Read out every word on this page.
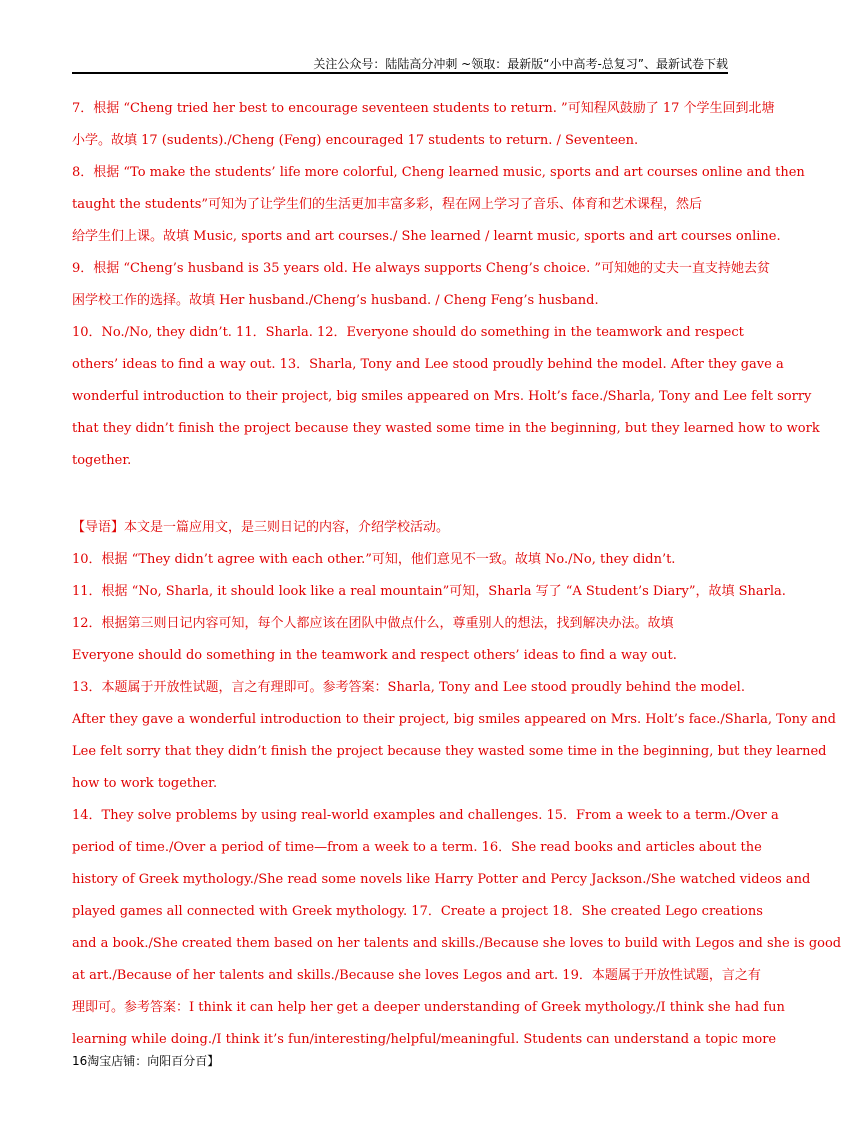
关注公众号：陆陆高分冲刺 ~领取：最新版“小中高考-总复习”、最新试卷下载
7．根据 “Cheng tried her best to encourage seventeen students to return. ”可知程风鼓励了 17 个学生回到北塘
小学。故填 17 (sudents)./Cheng (Feng) encouraged 17 students to return. / Seventeen.
8．根据 “To make the students’ life more colorful, Cheng learned music, sports and art courses online and then
taught the students”可知为了让学生们的生活更加丰富多彩，程在网上学习了音乐、体育和艺术课程，然后
给学生们上课。故填 Music, sports and art courses./ She learned / learnt music, sports and art courses online.
9．根据 “Cheng’s husband is 35 years old. He always supports Cheng’s choice. ”可知她的丈夫一直支持她去贫
困学校工作的选择。故填 Her husband./Cheng’s husband. / Cheng Feng’s husband.
10．No./No, they didn’t. 11．Sharla. 12．Everyone should do something in the teamwork and respect
others’ ideas to find a way out. 13．Sharla, Tony and Lee stood proudly behind the model. After they gave a
wonderful introduction to their project, big smiles appeared on Mrs. Holt’s face./Sharla, Tony and Lee felt sorry
that they didn’t finish the project because they wasted some time in the beginning, but they learned how to work
together.
【导语】本文是一篇应用文，是三则日记的内容，介绍学校活动。
10．根据 “They didn’t agree with each other.”可知，他们意见不一致。故填 No./No, they didn’t.
11．根据 “No, Sharla, it should look like a real mountain”可知，Sharla 写了 “A Student’s Diary”，故填 Sharla.
12．根据第三则日记内容可知，每个人都应该在团队中做点什么，尊重别人的想法，找到解决办法。故填
Everyone should do something in the teamwork and respect others’ ideas to find a way out.
13．本题属于开放性试题，言之有理即可。参考答案：Sharla, Tony and Lee stood proudly behind the model.
After they gave a wonderful introduction to their project, big smiles appeared on Mrs. Holt’s face./Sharla, Tony and
Lee felt sorry that they didn’t finish the project because they wasted some time in the beginning, but they learned
how to work together.
14．They solve problems by using real-world examples and challenges. 15．From a week to a term./Over a
period of time./Over a period of time—from a week to a term. 16．She read books and articles about the
history of Greek mythology./She read some novels like Harry Potter and Percy Jackson./She watched videos and
played games all connected with Greek mythology. 17．Create a project 18．She created Lego creations
and a book./She created them based on her talents and skills./Because she loves to build with Legos and she is good
at art./Because of her talents and skills./Because she loves Legos and art. 19．本题属于开放性试题，言之有
理即可。参考答案：I think it can help her get a deeper understanding of Greek mythology./I think she had fun
learning while doing./I think it’s fun/interesting/helpful/meaningful. Students can understand a topic more
16淘宝店铺：向阳百分百】
